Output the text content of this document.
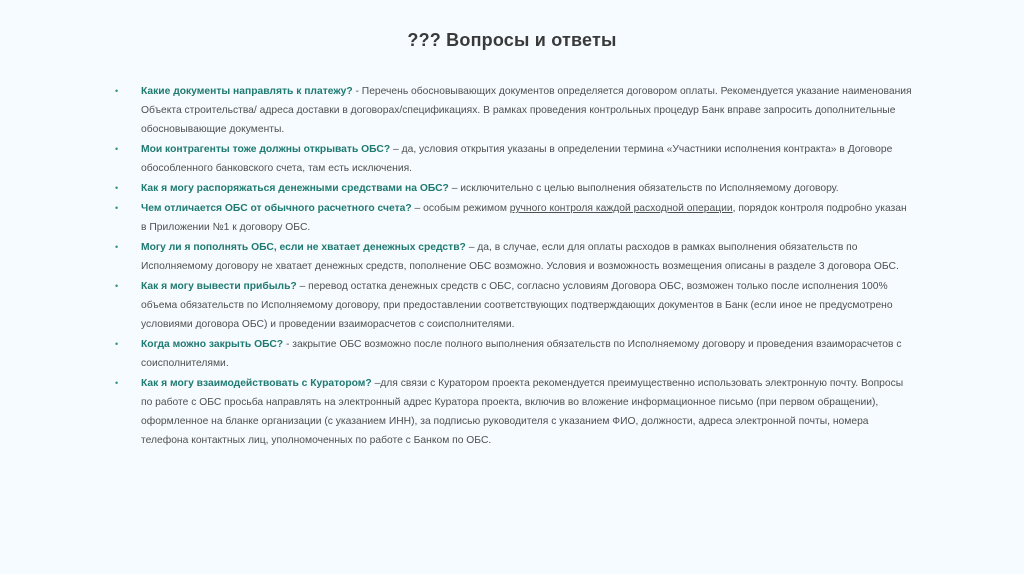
??? Вопросы и ответы
•	Какие документы направлять к платежу? - Перечень обосновывающих документов определяется договором оплаты. Рекомендуется указание наименования Объекта строительства/ адреса доставки в договорах/спецификациях. В рамках проведения контрольных процедур Банк вправе запросить дополнительные обосновывающие документы.
•	Мои контрагенты тоже должны открывать ОБС? – да, условия открытия указаны в определении термина «Участники исполнения контракта» в Договоре обособленного банковского счета, там есть исключения.
•	Как я могу распоряжаться денежными средствами на ОБС? – исключительно с целью выполнения обязательств по Исполняемому договору.
•	Чем отличается ОБС от обычного расчетного счета? – особым режимом ручного контроля каждой расходной операции, порядок контроля подробно указан в Приложении №1 к договору ОБС.
•	Могу ли я пополнять ОБС, если не хватает денежных средств? – да, в случае, если для оплаты расходов в рамках выполнения обязательств по Исполняемому договору не хватает денежных средств, пополнение ОБС возможно. Условия и возможность возмещения описаны в разделе 3 договора ОБС.
•	Как я могу вывести прибыль? – перевод остатка денежных средств с ОБС, согласно условиям Договора ОБС, возможен только после исполнения 100% объема обязательств по Исполняемому договору, при предоставлении соответствующих подтверждающих документов в Банк (если иное не предусмотрено условиями договора ОБС) и проведении взаиморасчетов с соисполнителями.
•	Когда можно закрыть ОБС? - закрытие ОБС возможно после полного выполнения обязательств по Исполняемому договору и проведения взаиморасчетов с соисполнителями.
•	Как я могу взаимодействовать с Куратором? –для связи с Куратором проекта рекомендуется преимущественно использовать электронную почту. Вопросы по работе с ОБС просьба направлять на электронный адрес Куратора проекта, включив во вложение информационное письмо (при первом обращении), оформленное на бланке организации (с указанием ИНН), за подписью руководителя с указанием ФИО, должности, адреса электронной почты, номера телефона контактных лиц, уполномоченных по работе с Банком по ОБС.
